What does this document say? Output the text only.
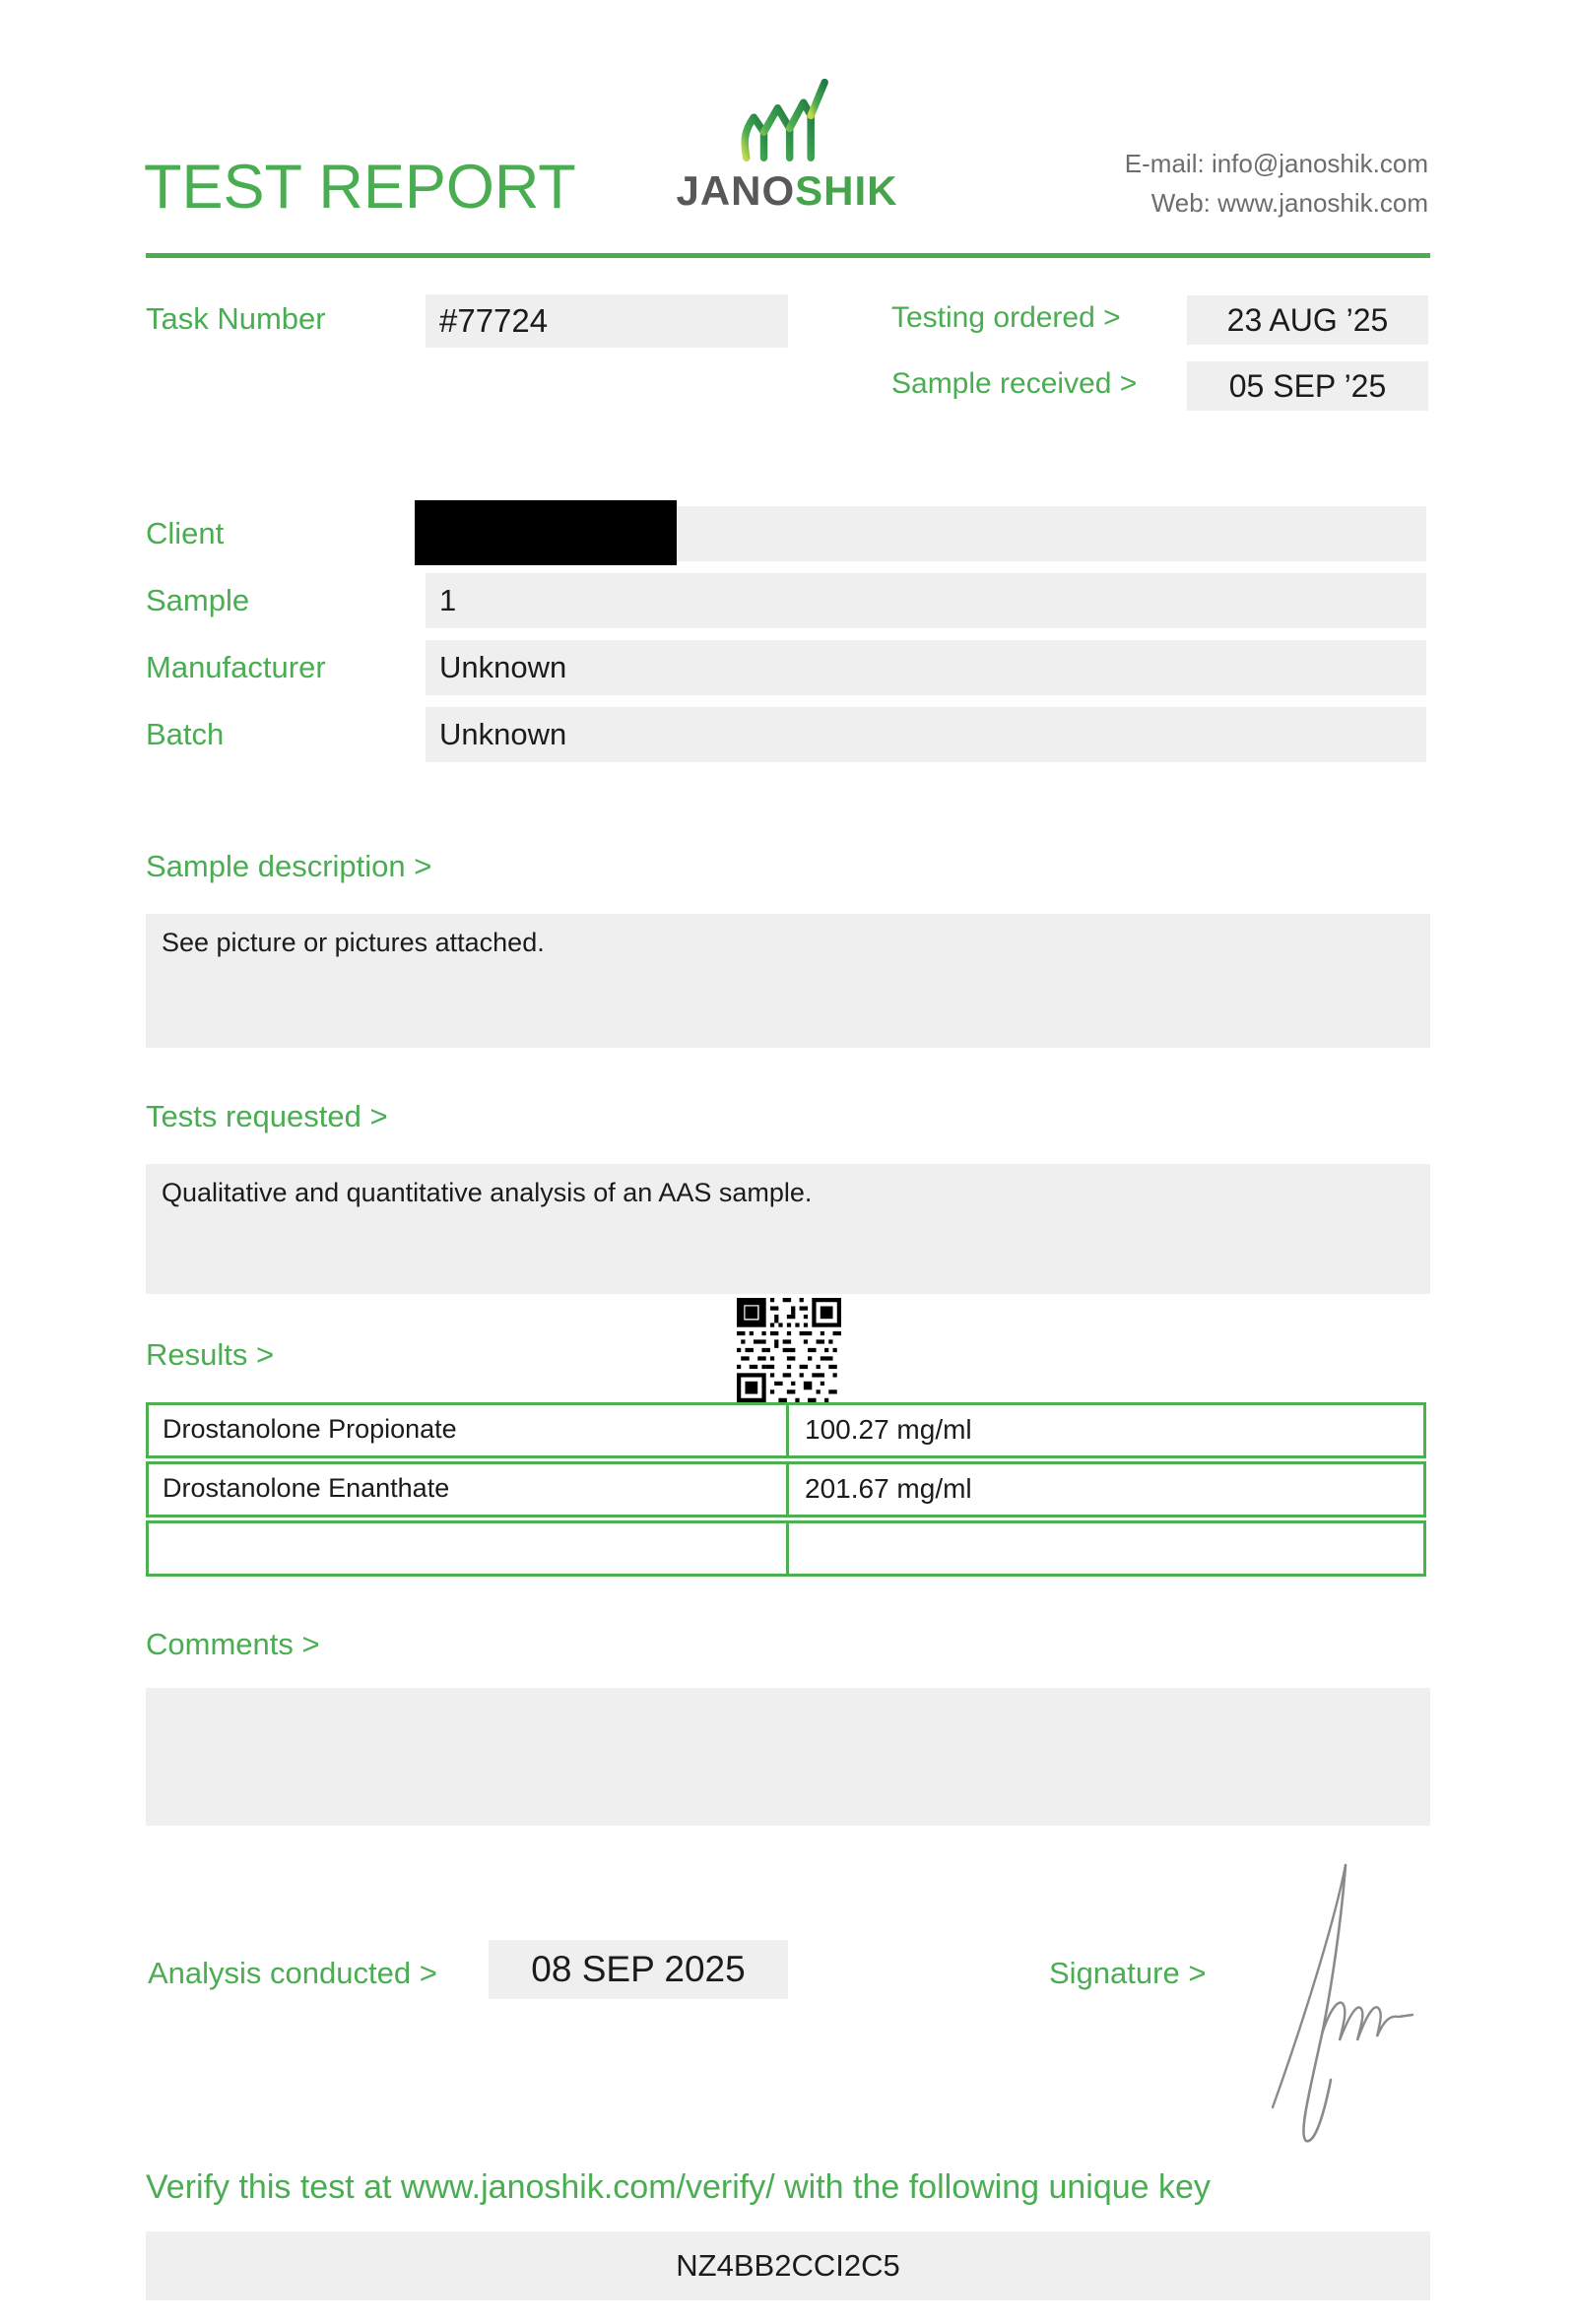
TEST REPORT JANOSHIK
E-mail: info@janoshik.com
Web: www.janoshik.com
Task Number	#77724	Testing ordered >	23 AUG ’25
Sample received >	05 SEP ’25
Client
Sample	1
Manufacturer	Unknown
Batch	Unknown
Sample description >
See picture or pictures attached.
Tests requested >
Qualitative and quantitative analysis of an AAS sample.
Results >
Drostanolone Propionate	100.27 mg/ml
Drostanolone Enanthate	201.67 mg/ml
Comments >
Analysis conducted >	08 SEP 2025	Signature >
Verify this test at www.janoshik.com/verify/ with the following unique key
NZ4BB2CCI2C5
